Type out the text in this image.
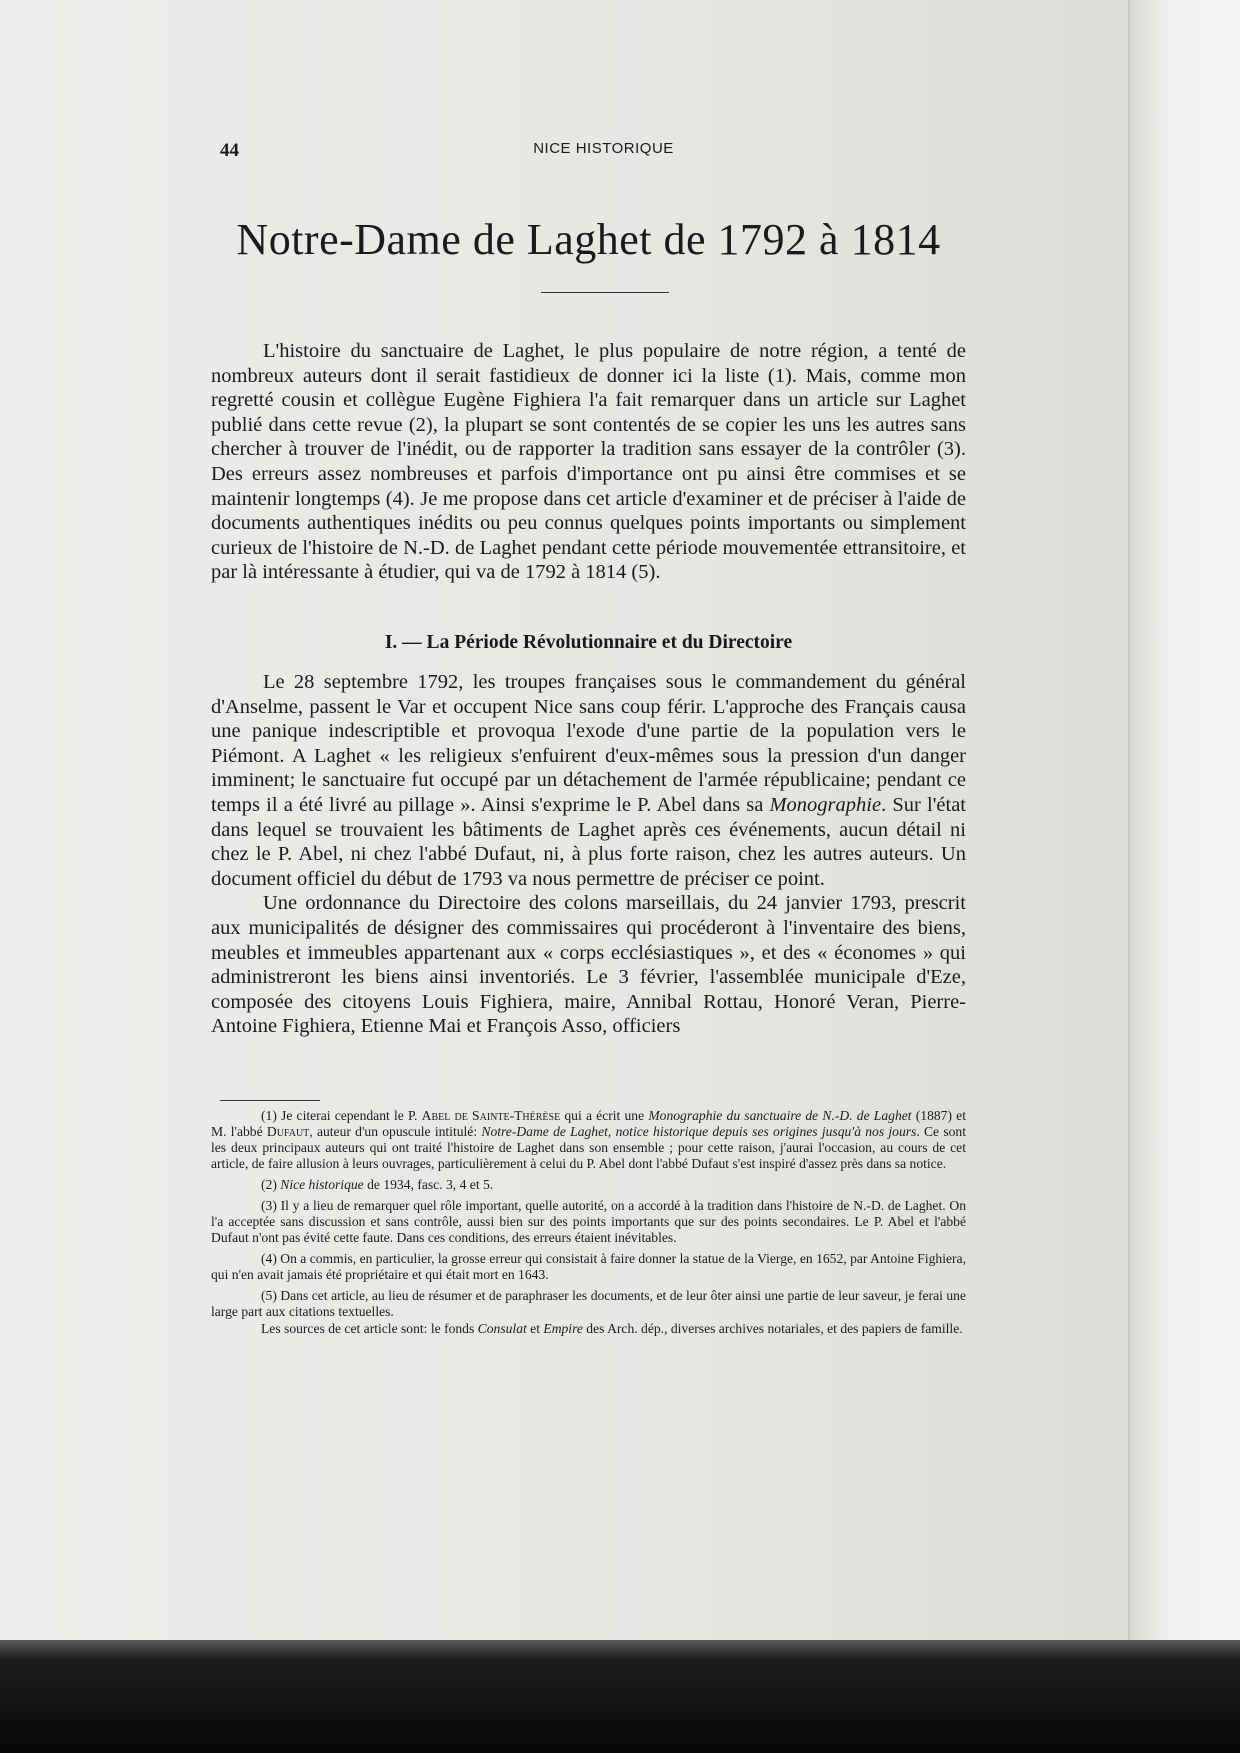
44	NICE HISTORIQUE
Notre-Dame de Laghet de 1792 à 1814

L'histoire du sanctuaire de Laghet, le plus populaire de notre région, a tenté de nombreux auteurs dont il serait fastidieux de donner ici la liste (1). Mais, comme mon regretté cousin et collègue Eugène Fighiera l'a fait remarquer dans un article sur Laghet publié dans cette revue (2), la plupart se sont contentés de se copier les uns les autres sans chercher à trouver de l'inédit, ou de rapporter la tradition sans essayer de la contrôler (3). Des erreurs assez nombreuses et parfois d'importance ont pu ainsi être commises et se maintenir longtemps (4). Je me propose dans cet article d'examiner et de préciser à l'aide de documents authentiques inédits ou peu connus quelques points importants ou simplement curieux de l'histoire de N.-D. de Laghet pendant cette période mouvementée ettransitoire, et par là intéressante à étudier, qui va de 1792 à 1814 (5).

I. — La Période Révolutionnaire et du Directoire

Le 28 septembre 1792, les troupes françaises sous le commandement du général d'Anselme, passent le Var et occupent Nice sans coup férir. L'approche des Français causa une panique indescriptible et provoqua l'exode d'une partie de la population vers le Piémont. A Laghet « les religieux s'enfuirent d'eux-mêmes sous la pression d'un danger imminent; le sanctuaire fut occupé par un détachement de l'armée républicaine; pendant ce temps il a été livré au pillage ». Ainsi s'exprime le P. Abel dans sa Monographie. Sur l'état dans lequel se trouvaient les bâtiments de Laghet après ces événements, aucun détail ni chez le P. Abel, ni chez l'abbé Dufaut, ni, à plus forte raison, chez les autres auteurs. Un document officiel du début de 1793 va nous permettre de préciser ce point.

Une ordonnance du Directoire des colons marseillais, du 24 janvier 1793, prescrit aux municipalités de désigner des commissaires qui procéderont à l'inventaire des biens, meubles et immeubles appartenant aux « corps ecclésiastiques », et des « économes » qui administreront les biens ainsi inventoriés. Le 3 février, l'assemblée municipale d'Eze, composée des citoyens Louis Fighiera, maire, Annibal Rottau, Honoré Veran, Pierre-Antoine Fighiera, Etienne Mai et François Asso, officiers

(1) Je citerai cependant le P. Abel de Sainte-Thérèse qui a écrit une Monographie du sanctuaire de N.-D. de Laghet (1887) et M. l'abbé Dufaut, auteur d'un opuscule intitulé: Notre-Dame de Laghet, notice historique depuis ses origines jusqu'à nos jours. Ce sont les deux principaux auteurs qui ont traité l'histoire de Laghet dans son ensemble ; pour cette raison, j'aurai l'occasion, au cours de cet article, de faire allusion à leurs ouvrages, particulièrement à celui du P. Abel dont l'abbé Dufaut s'est inspiré d'assez près dans sa notice.

(2) Nice historique de 1934, fasc. 3, 4 et 5.

(3) Il y a lieu de remarquer quel rôle important, quelle autorité, on a accordé à la tradition dans l'histoire de N.-D. de Laghet. On l'a acceptée sans discussion et sans contrôle, aussi bien sur des points importants que sur des points secondaires. Le P. Abel et l'abbé Dufaut n'ont pas évité cette faute. Dans ces conditions, des erreurs étaient inévitables.

(4) On a commis, en particulier, la grosse erreur qui consistait à faire donner la statue de la Vierge, en 1652, par Antoine Fighiera, qui n'en avait jamais été propriétaire et qui était mort en 1643.

(5) Dans cet article, au lieu de résumer et de paraphraser les documents, et de leur ôter ainsi une partie de leur saveur, je ferai une large part aux citations textuelles.

Les sources de cet article sont: le fonds Consulat et Empire des Arch. dép., diverses archives notariales, et des papiers de famille.
